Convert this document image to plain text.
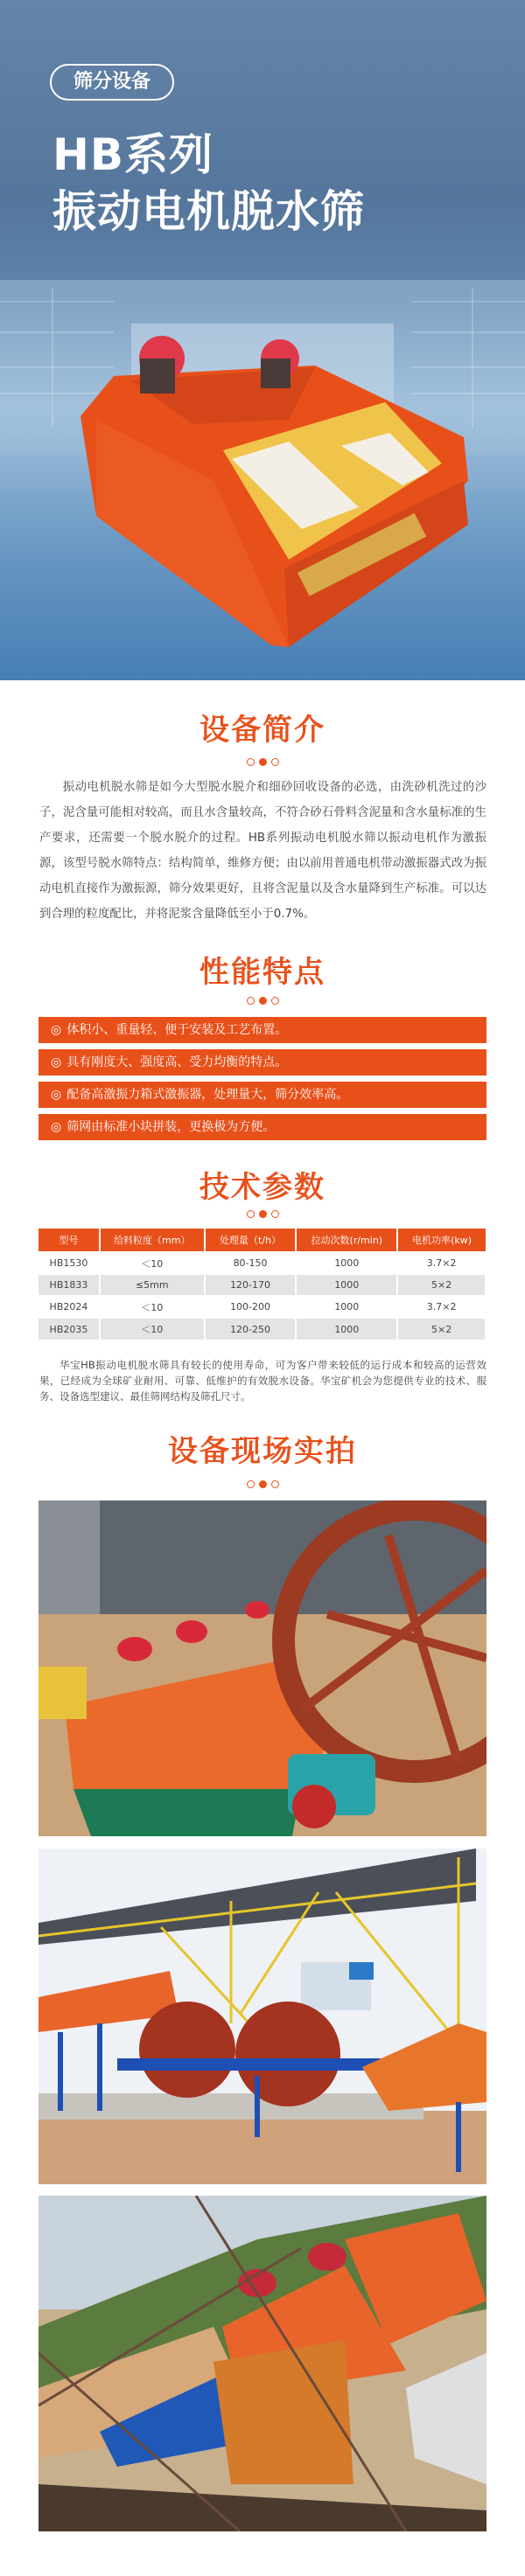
筛分设备
HB系列
振动电机脱水筛
设备简介
振动电机脱水筛是如今大型脱水脱介和细砂回收设备的必选，由洗砂机洗过的沙子，泥含量可能相对较高，而且水含量较高，不符合砂石骨料含泥量和含水量标准的生产要求，还需要一个脱水脱介的过程。HB系列振动电机脱水筛以振动电机作为激振源，该型号脱水筛特点：结构简单，维修方便；由以前用普通电机带动激振器式改为振动电机直接作为激振源，筛分效果更好，且将含泥量以及含水量降到生产标准。可以达到合理的粒度配比，并将泥浆含量降低至小于0.7%。
性能特点
◎ 体积小、重量轻、便于安装及工艺布置。
◎ 具有刚度大、强度高、受力均衡的特点。
◎ 配备高激振力箱式激振器，处理量大，筛分效率高。
◎ 筛网由标准小块拼装，更换极为方便。
技术参数
型号	给料粒度（mm）	处理量（t/h）	拉动次数(r/min)	电机功率(kw)
HB1530	＜10	80-150	1000	3.7×2
HB1833	≤5mm	120-170	1000	5×2
HB2024	＜10	100-200	1000	3.7×2
HB2035	＜10	120-250	1000	5×2
华宝HB振动电机脱水筛具有较长的使用寿命，可为客户带来较低的运行成本和较高的运营效果，已经成为全球矿业耐用、可靠、低维护的有效脱水设备。华宝矿机会为您提供专业的技术、服务、设备选型建议、最佳筛网结构及筛孔尺寸。
设备现场实拍
